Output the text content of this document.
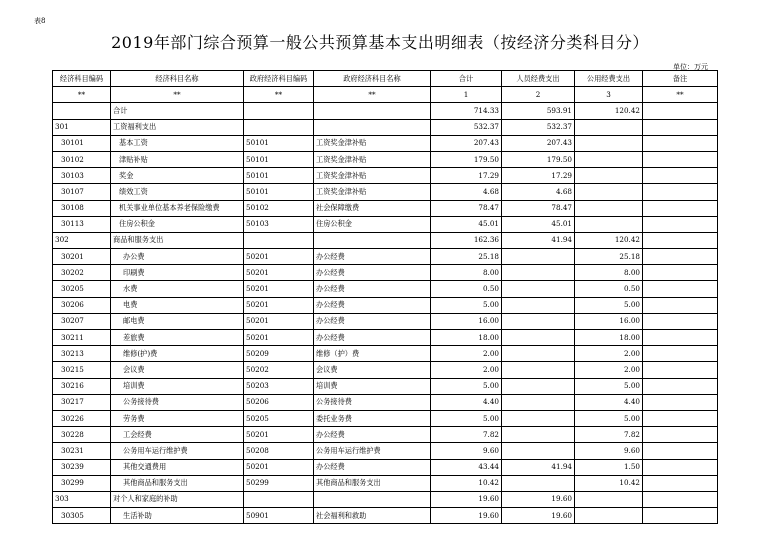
表8
2019年部门综合预算一般公共预算基本支出明细表（按经济分类科目分）
单位：万元
经济科目编码	经济科目名称	政府经济科目编码	政府经济科目名称	合计	人员经费支出	公用经费支出	备注
**	**	**	**	1	2	3	**
	合计			714.33	593.91	120.42	
301	工资福利支出			532.37	532.37		
30101	基本工资	50101	工资奖金津补贴	207.43	207.43		
30102	津贴补贴	50101	工资奖金津补贴	179.50	179.50		
30103	奖金	50101	工资奖金津补贴	17.29	17.29		
30107	绩效工资	50101	工资奖金津补贴	4.68	4.68		
30108	机关事业单位基本养老保险缴费	50102	社会保障缴费	78.47	78.47		
30113	住房公积金	50103	住房公积金	45.01	45.01		
302	商品和服务支出			162.36	41.94	120.42	
30201	办公费	50201	办公经费	25.18		25.18	
30202	印刷费	50201	办公经费	8.00		8.00	
30205	水费	50201	办公经费	0.50		0.50	
30206	电费	50201	办公经费	5.00		5.00	
30207	邮电费	50201	办公经费	16.00		16.00	
30211	差旅费	50201	办公经费	18.00		18.00	
30213	维修(护)费	50209	维修（护）费	2.00		2.00	
30215	会议费	50202	会议费	2.00		2.00	
30216	培训费	50203	培训费	5.00		5.00	
30217	公务接待费	50206	公务接待费	4.40		4.40	
30226	劳务费	50205	委托业务费	5.00		5.00	
30228	工会经费	50201	办公经费	7.82		7.82	
30231	公务用车运行维护费	50208	公务用车运行维护费	9.60		9.60	
30239	其他交通费用	50201	办公经费	43.44	41.94	1.50	
30299	其他商品和服务支出	50299	其他商品和服务支出	10.42		10.42	
303	对个人和家庭的补助			19.60	19.60		
30305	生活补助	50901	社会福利和救助	19.60	19.60		
